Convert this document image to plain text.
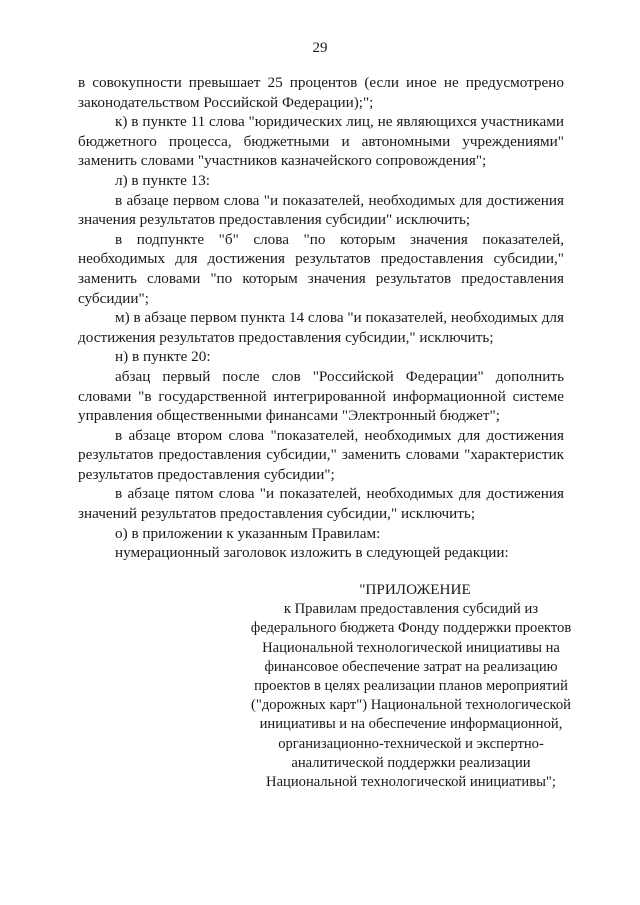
29

в совокупности превышает 25 процентов (если иное не предусмотрено законодательством Российской Федерации);";

к) в пункте 11 слова "юридических лиц, не являющихся участниками бюджетного процесса, бюджетными и автономными учреждениями" заменить словами "участников казначейского сопровождения";

л) в пункте 13:

в абзаце первом слова "и показателей, необходимых для достижения значения результатов предоставления субсидии" исключить;

в подпункте "б" слова "по которым значения показателей, необходимых для достижения результатов предоставления субсидии," заменить словами "по которым значения результатов предоставления субсидии";

м) в абзаце первом пункта 14 слова "и показателей, необходимых для достижения результатов предоставления субсидии," исключить;

н) в пункте 20:

абзац первый после слов "Российской Федерации" дополнить словами "в государственной интегрированной информационной системе управления общественными финансами "Электронный бюджет";

в абзаце втором слова "показателей, необходимых для достижения результатов предоставления субсидии," заменить словами "характеристик результатов предоставления субсидии";

в абзаце пятом слова "и показателей, необходимых для достижения значений результатов предоставления субсидии," исключить;

о) в приложении к указанным Правилам:

нумерационный заголовок изложить в следующей редакции:

"ПРИЛОЖЕНИЕ

к Правилам предоставления субсидий из федерального бюджета Фонду поддержки проектов Национальной технологической инициативы на финансовое обеспечение затрат на реализацию проектов в целях реализации планов мероприятий ("дорожных карт") Национальной технологической инициативы и на обеспечение информационной, организационно-технической и экспертно-аналитической поддержки реализации Национальной технологической инициативы";
